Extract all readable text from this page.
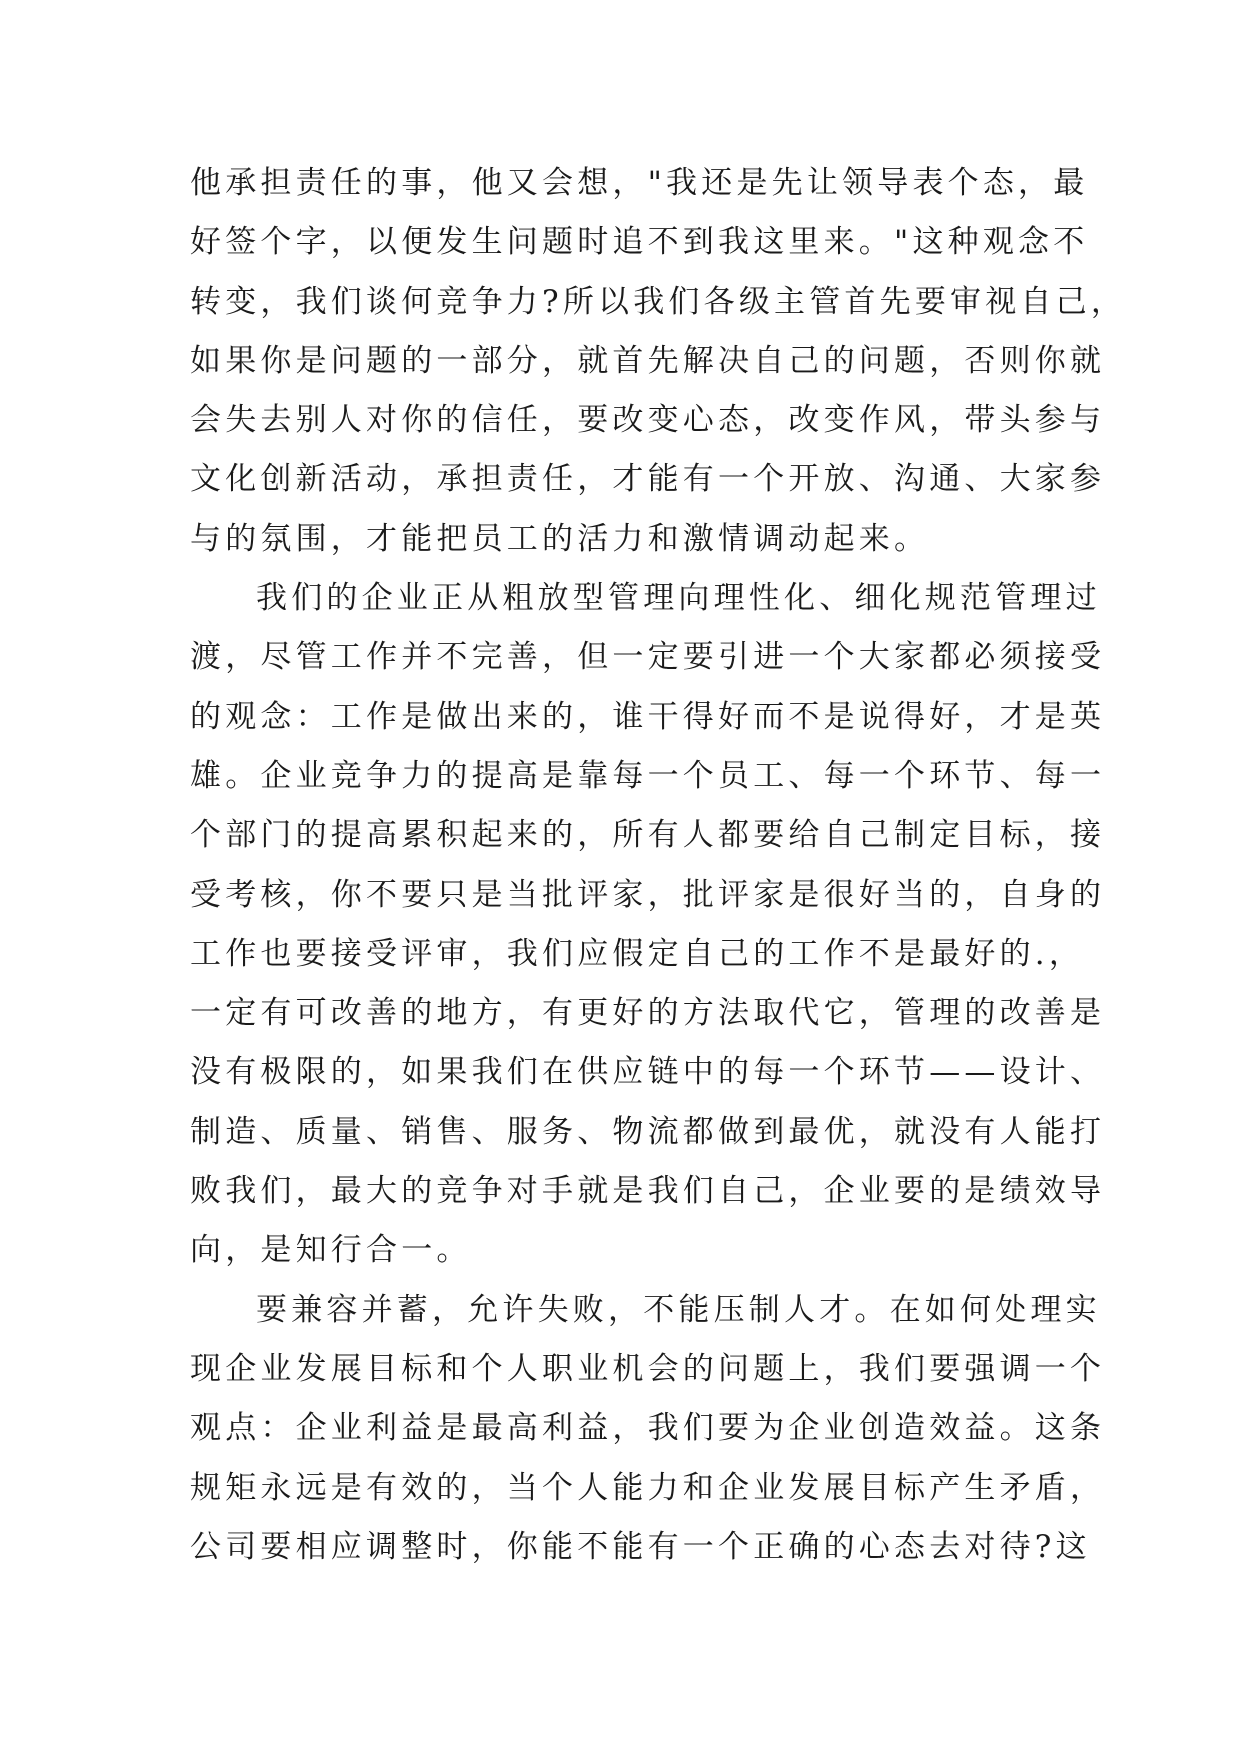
他承担责任的事，他又会想，"我还是先让领导表个态，最
好签个字，以便发生问题时追不到我这里来。"这种观念不
转变，我们谈何竞争力?所以我们各级主管首先要审视自己，
如果你是问题的一部分，就首先解决自己的问题，否则你就
会失去别人对你的信任，要改变心态，改变作风，带头参与
文化创新活动，承担责任，才能有一个开放、沟通、大家参
与的氛围，才能把员工的活力和激情调动起来。
我们的企业正从粗放型管理向理性化、细化规范管理过
渡，尽管工作并不完善，但一定要引进一个大家都必须接受
的观念：工作是做出来的，谁干得好而不是说得好，才是英
雄。企业竞争力的提高是靠每一个员工、每一个环节、每一
个部门的提高累积起来的，所有人都要给自己制定目标，接
受考核，你不要只是当批评家，批评家是很好当的，自身的
工作也要接受评审，我们应假定自己的工作不是最好的.，
一定有可改善的地方，有更好的方法取代它，管理的改善是
没有极限的，如果我们在供应链中的每一个环节——设计、
制造、质量、销售、服务、物流都做到最优，就没有人能打
败我们，最大的竞争对手就是我们自己，企业要的是绩效导
向，是知行合一。
要兼容并蓄，允许失败，不能压制人才。在如何处理实
现企业发展目标和个人职业机会的问题上，我们要强调一个
观点：企业利益是最高利益，我们要为企业创造效益。这条
规矩永远是有效的，当个人能力和企业发展目标产生矛盾，
公司要相应调整时，你能不能有一个正确的心态去对待?这
